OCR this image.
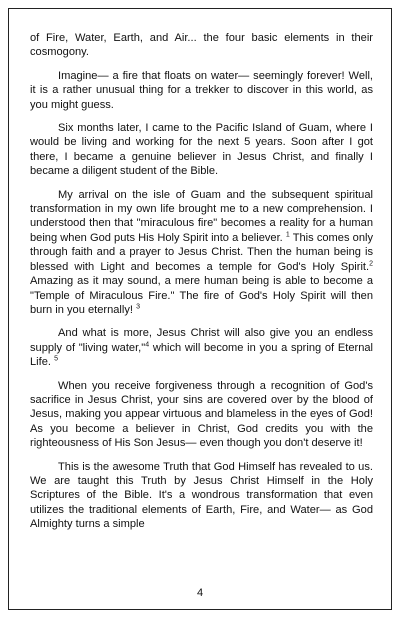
of Fire, Water, Earth, and Air... the four basic elements in their cosmogony.

Imagine— a fire that floats on water— seemingly forever! Well, it is a rather unusual thing for a trekker to discover in this world, as you might guess.

Six months later, I came to the Pacific Island of Guam, where I would be living and working for the next 5 years. Soon after I got there, I became a genuine believer in Jesus Christ, and finally I became a diligent student of the Bible.

My arrival on the isle of Guam and the subsequent spiritual transformation in my own life brought me to a new comprehension. I understood then that "miraculous fire" becomes a reality for a human being when God puts His Holy Spirit into a believer. $^1$ This comes only through faith and a prayer to Jesus Christ. Then the human being is blessed with Light and becomes a temple for God's Holy Spirit.$^2$ Amazing as it may sound, a mere human being is able to become a "Temple of Miraculous Fire." The fire of God's Holy Spirit will then burn in you eternally! $^3$

And what is more, Jesus Christ will also give you an endless supply of "living water,"$^4$ which will become in you a spring of Eternal Life. $^5$

When you receive forgiveness through a recognition of God's sacrifice in Jesus Christ, your sins are covered over by the blood of Jesus, making you appear virtuous and blameless in the eyes of God! As you become a believer in Christ, God credits you with the righteousness of His Son Jesus— even though you don't deserve it!

This is the awesome Truth that God Himself has revealed to us. We are taught this Truth by Jesus Christ Himself in the Holy Scriptures of the Bible. It's a wondrous transformation that even utilizes the traditional elements of Earth, Fire, and Water— as God Almighty turns a simple

4
